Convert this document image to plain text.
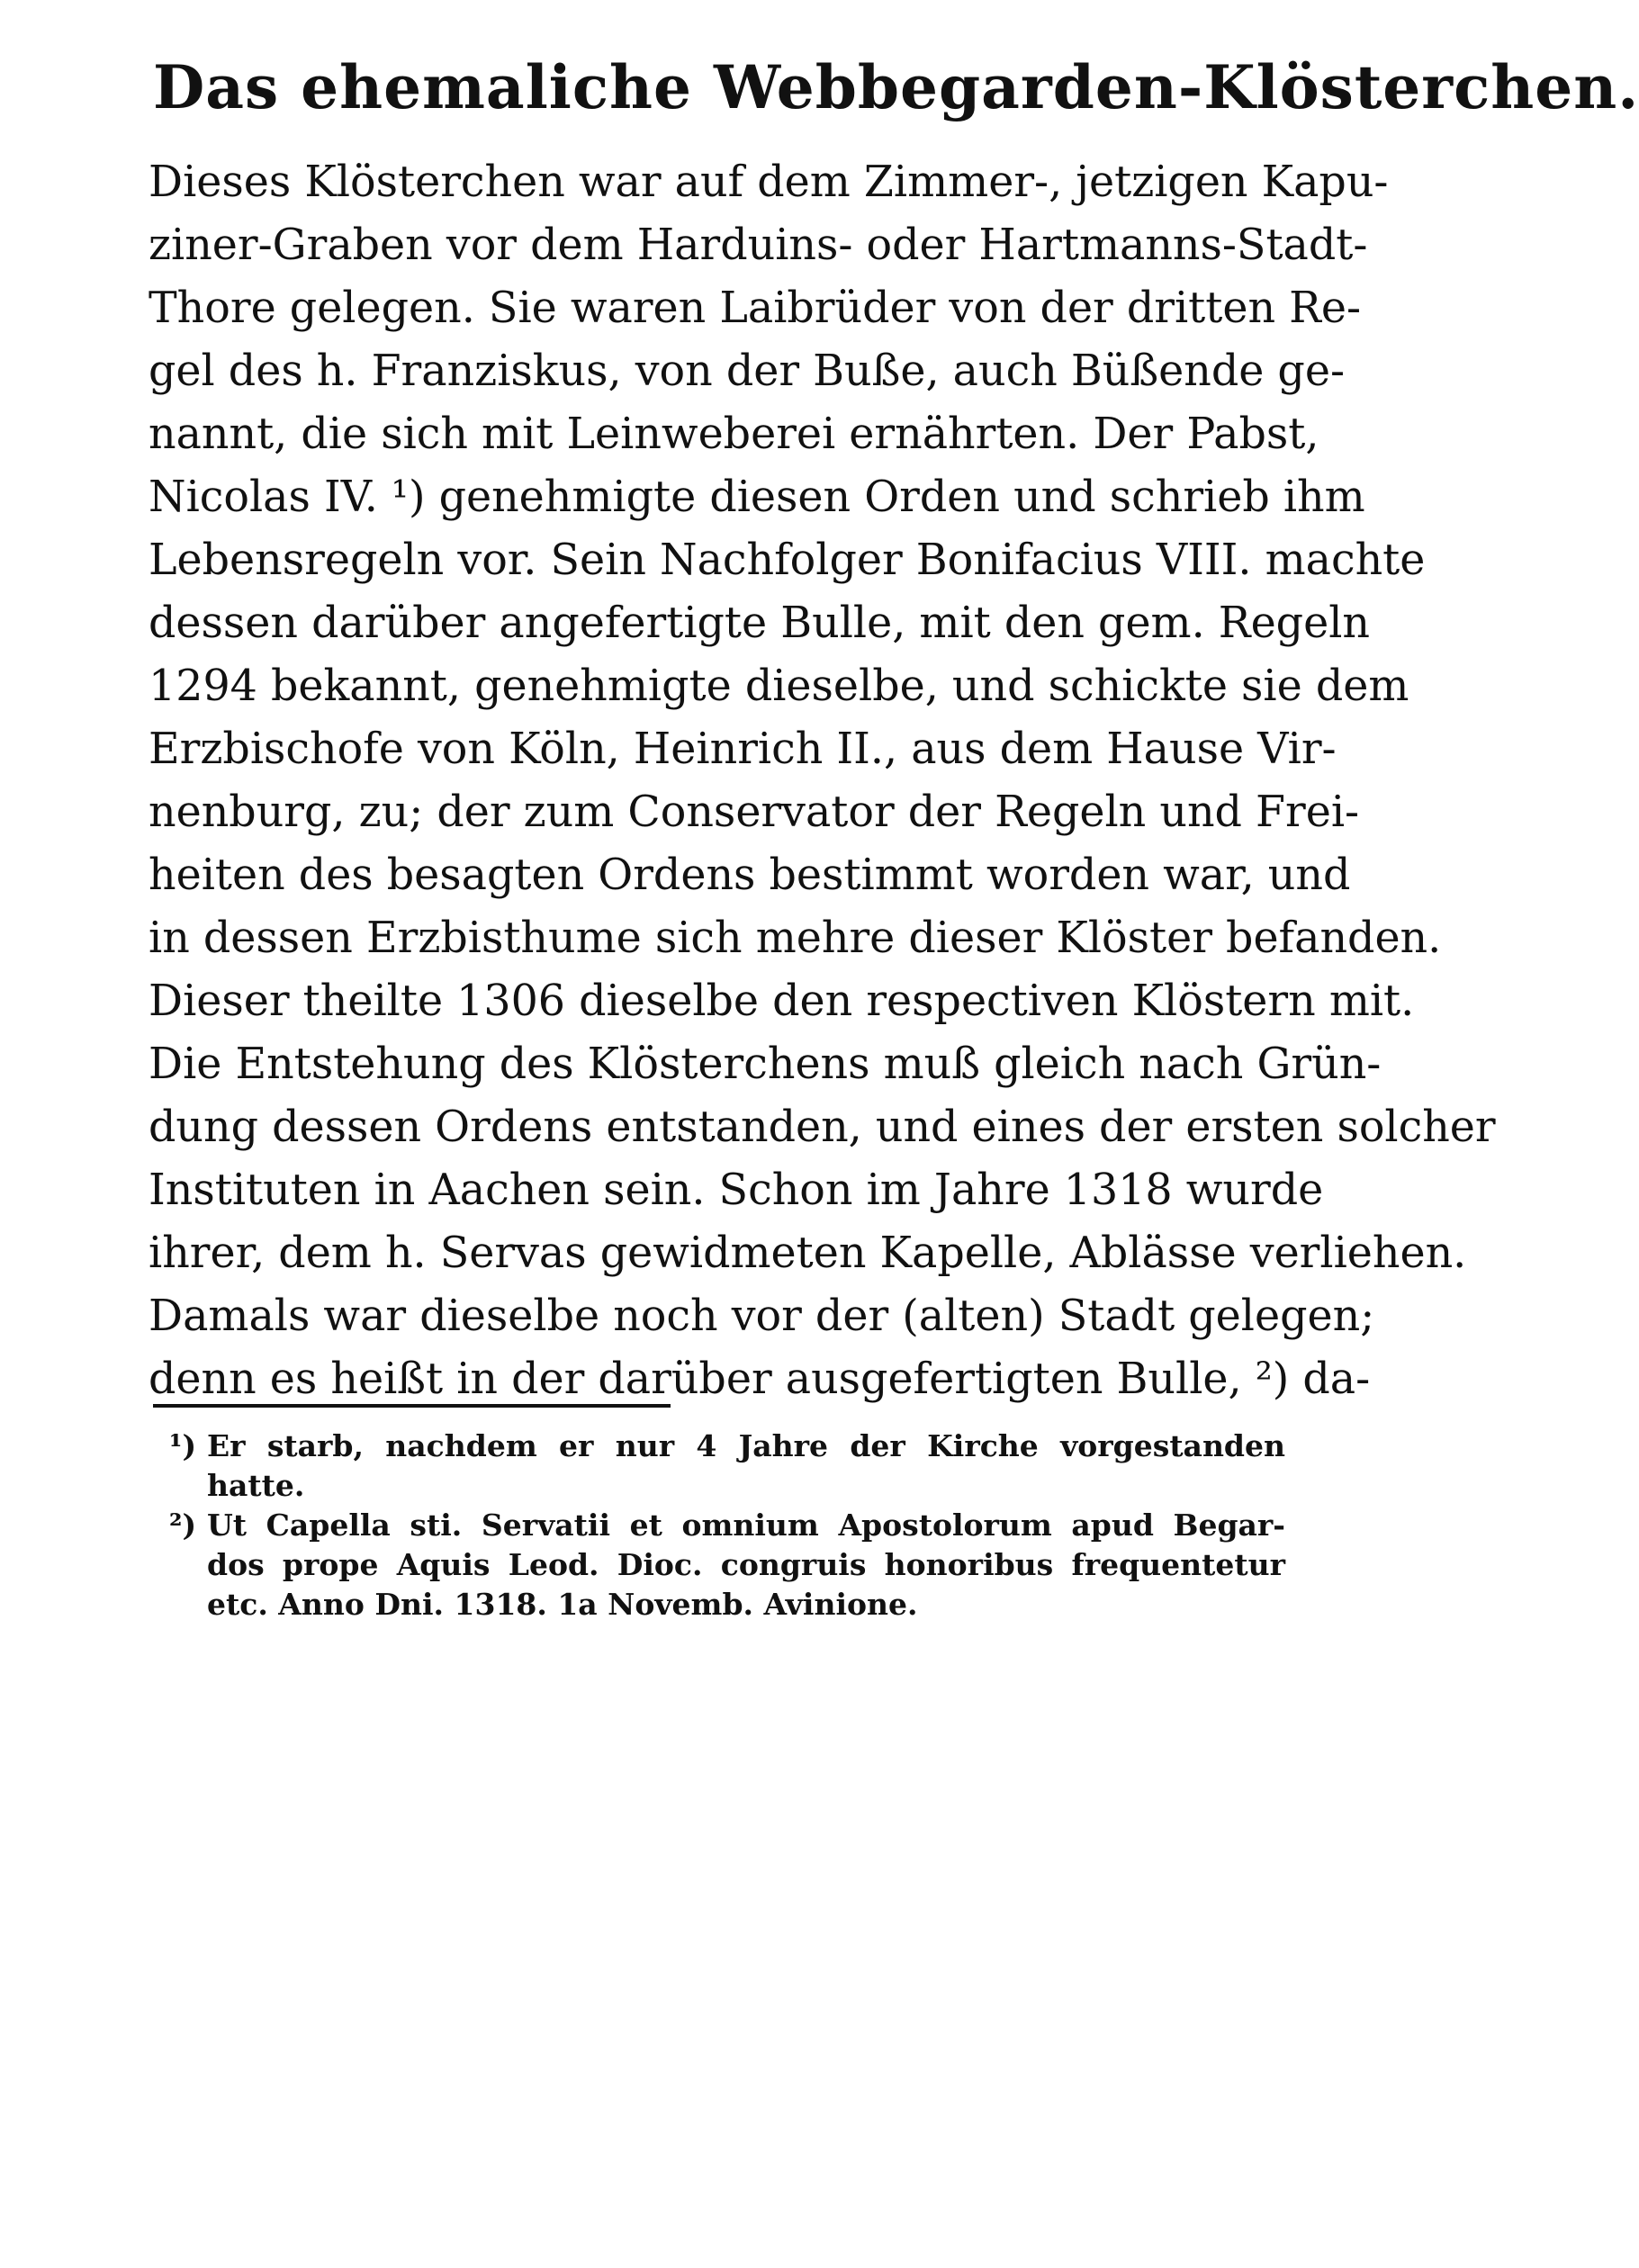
Das ehemaliche Webbegarden-Klösterchen.
Dieses Klösterchen war auf dem Zimmer-, jetzigen Kapu-
ziner-Graben vor dem Harduins- oder Hartmanns-Stadt-
Thore gelegen. Sie waren Laibrüder von der dritten Re-
gel des h. Franziskus, von der Buße, auch Büßende ge-
nannt, die sich mit Leinweberei ernährten. Der Pabst,
Nicolas IV. ¹) genehmigte diesen Orden und schrieb ihm
Lebensregeln vor. Sein Nachfolger Bonifacius VIII. machte
dessen darüber angefertigte Bulle, mit den gem. Regeln
1294 bekannt, genehmigte dieselbe, und schickte sie dem
Erzbischofe von Köln, Heinrich II., aus dem Hause Vir-
nenburg, zu; der zum Conservator der Regeln und Frei-
heiten des besagten Ordens bestimmt worden war, und
in dessen Erzbisthume sich mehre dieser Klöster befanden.
Dieser theilte 1306 dieselbe den respectiven Klöstern mit.
Die Entstehung des Klösterchens muß gleich nach Grün-
dung dessen Ordens entstanden, und eines der ersten solcher
Instituten in Aachen sein. Schon im Jahre 1318 wurde
ihrer, dem h. Servas gewidmeten Kapelle, Ablässe verliehen.
Damals war dieselbe noch vor der (alten) Stadt gelegen;
denn es heißt in der darüber ausgefertigten Bulle, ²) da-
¹) Er starb, nachdem er nur 4 Jahre der Kirche vorgestanden
hatte.
²) Ut Capella sti. Servatii et omnium Apostolorum apud Begar-
dos prope Aquis Leod. Dioc. congruis honoribus frequentetur
etc. Anno Dni. 1318. 1a Novemb. Avinione.
